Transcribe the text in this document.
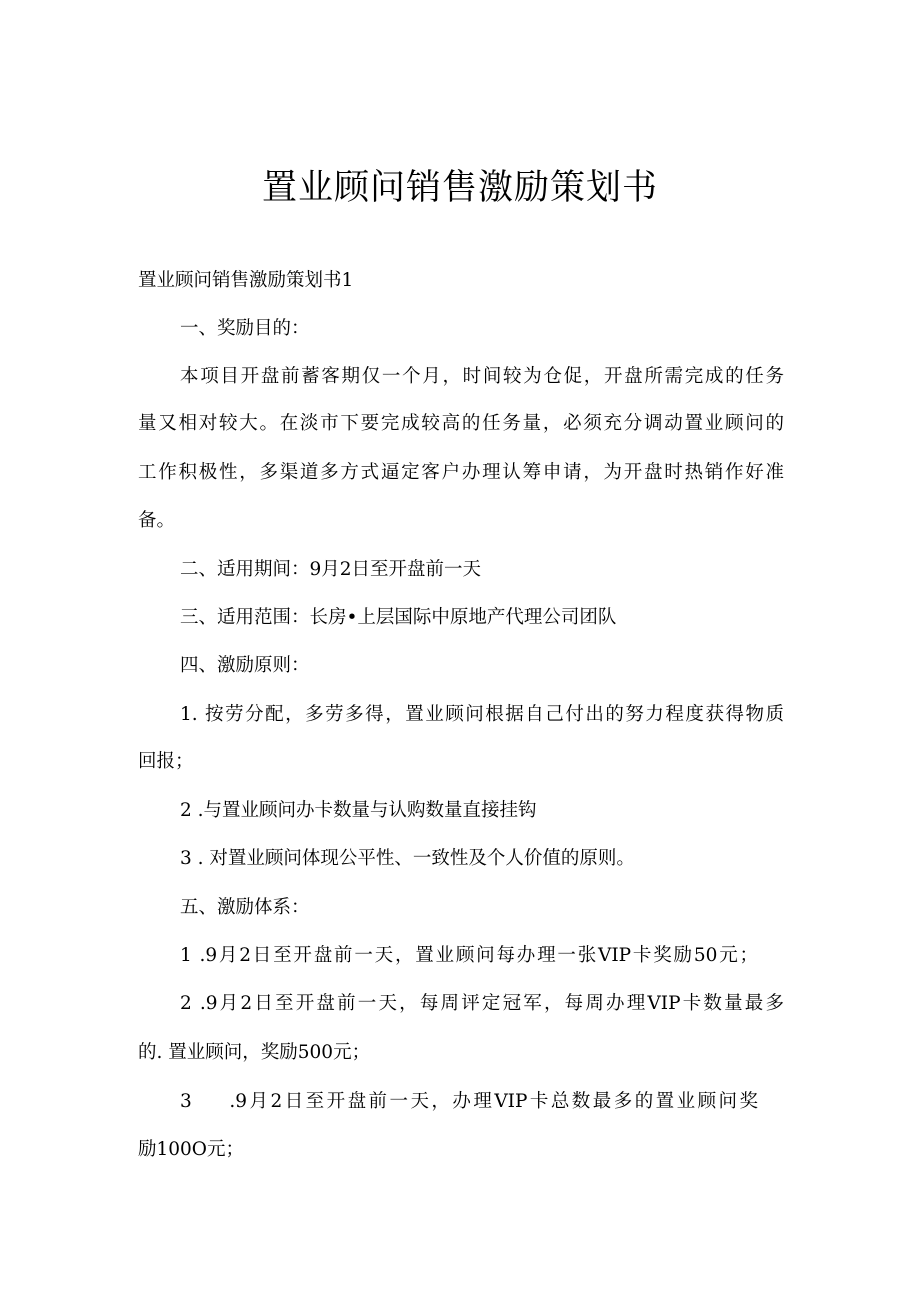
置业顾问销售激励策划书
置业顾问销售激励策划书1
一、奖励目的：
本项目开盘前蓄客期仅一个月，时间较为仓促，开盘所需完成的任务
量又相对较大。在淡市下要完成较高的任务量，必须充分调动置业顾问的
工作积极性，多渠道多方式逼定客户办理认筹申请，为开盘时热销作好准
备。
二、适用期间：9月2日至开盘前一天
三、适用范围：长房•上层国际中原地产代理公司团队
四、激励原则：
1. 按劳分配，多劳多得，置业顾问根据自己付出的努力程度获得物质
回报；
2 .与置业顾问办卡数量与认购数量直接挂钩
3 . 对置业顾问体现公平性、一致性及个人价值的原则。
五、激励体系：
1 .9月2日至开盘前一天，置业顾问每办理一张VIP卡奖励50元；
2 .9月2日至开盘前一天，每周评定冠军，每周办理VIP卡数量最多
的. 置业顾问，奖励500元；
3 　 .9月2日至开盘前一天，办理VIP卡总数最多的置业顾问奖
励100O元；
